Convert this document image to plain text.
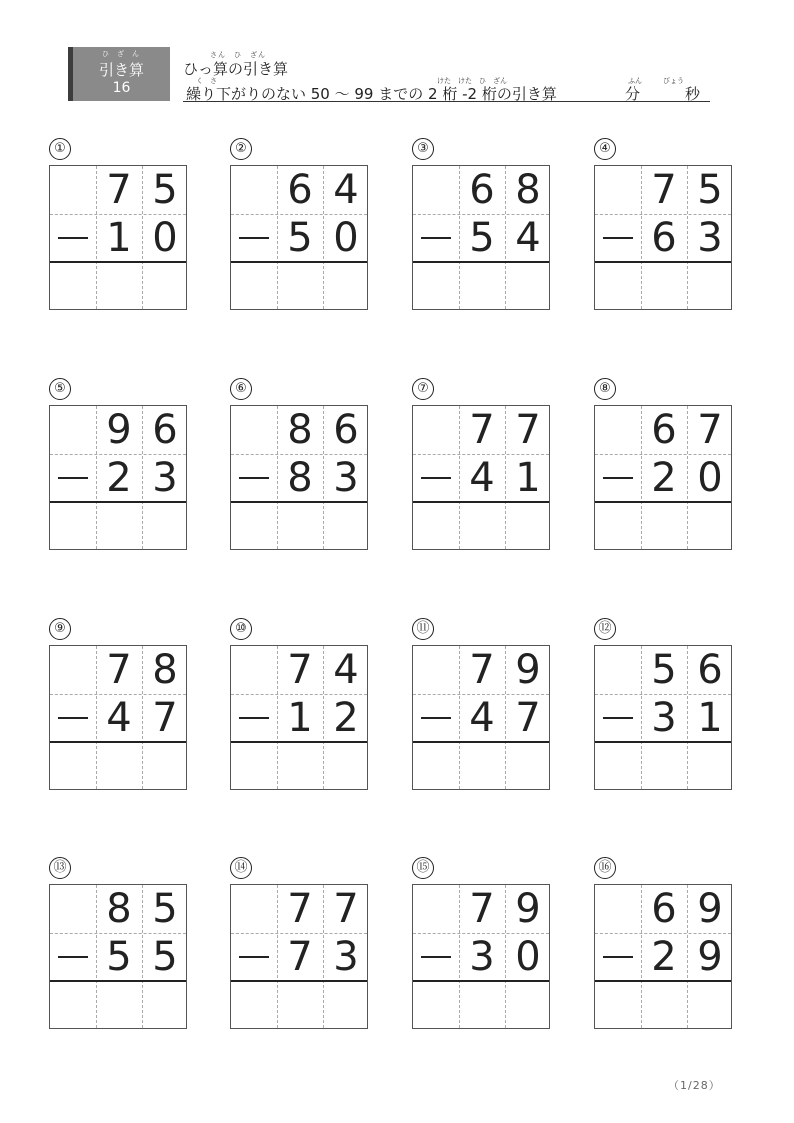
ひざん
引き算
16
さん　ひ　ざん
ひっ算の引き算
く　さ	けた　けた　ひ　ざん
繰り下がりのない 50 ～ 99 までの 2 桁 -2 桁の引き算
ふん　　　びょう
分　　　秒
①
7 5
1 0
②
6 4
5 0
③
6 8
5 4
④
7 5
6 3
⑤
9 6
2 3
⑥
8 6
8 3
⑦
7 7
4 1
⑧
6 7
2 0
⑨
7 8
4 7
⑩
7 4
1 2
⑪
7 9
4 7
⑫
5 6
3 1
⑬
8 5
5 5
⑭
7 7
7 3
⑮
7 9
3 0
⑯
6 9
2 9
（1/28）
